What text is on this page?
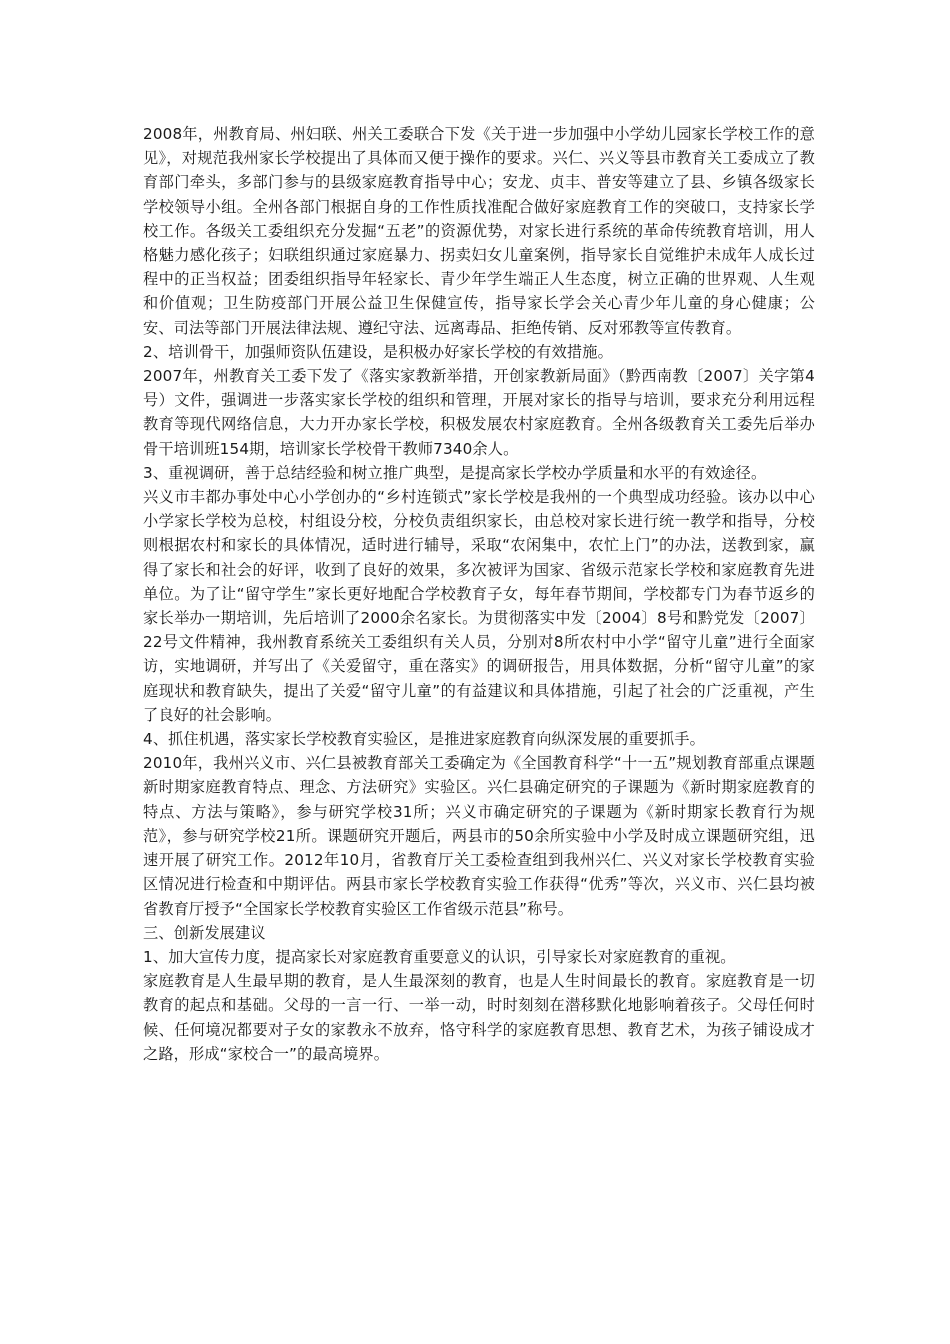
2008年，州教育局、州妇联、州关工委联合下发《关于进一步加强中小学幼儿园家长学校工作的意见》，对规范我州家长学校提出了具体而又便于操作的要求。兴仁、兴义等县市教育关工委成立了教育部门牵头，多部门参与的县级家庭教育指导中心；安龙、贞丰、普安等建立了县、乡镇各级家长学校领导小组。全州各部门根据自身的工作性质找准配合做好家庭教育工作的突破口，支持家长学校工作。各级关工委组织充分发掘“五老”的资源优势，对家长进行系统的革命传统教育培训，用人格魅力感化孩子；妇联组织通过家庭暴力、拐卖妇女儿童案例，指导家长自觉维护未成年人成长过程中的正当权益；团委组织指导年轻家长、青少年学生端正人生态度，树立正确的世界观、人生观和价值观；卫生防疫部门开展公益卫生保健宣传，指导家长学会关心青少年儿童的身心健康；公安、司法等部门开展法律法规、遵纪守法、远离毒品、拒绝传销、反对邪教等宣传教育。

2、培训骨干，加强师资队伍建设，是积极办好家长学校的有效措施。

2007年，州教育关工委下发了《落实家教新举措，开创家教新局面》（黔西南教〔2007〕关字第4号）文件，强调进一步落实家长学校的组织和管理，开展对家长的指导与培训，要求充分利用远程教育等现代网络信息，大力开办家长学校，积极发展农村家庭教育。全州各级教育关工委先后举办骨干培训班154期，培训家长学校骨干教师7340余人。

3、重视调研，善于总结经验和树立推广典型，是提高家长学校办学质量和水平的有效途径。

兴义市丰都办事处中心小学创办的“乡村连锁式”家长学校是我州的一个典型成功经验。该办以中心小学家长学校为总校，村组设分校，分校负责组织家长，由总校对家长进行统一教学和指导，分校则根据农村和家长的具体情况，适时进行辅导，采取“农闲集中，农忙上门”的办法，送教到家，赢得了家长和社会的好评，收到了良好的效果，多次被评为国家、省级示范家长学校和家庭教育先进单位。为了让“留守学生”家长更好地配合学校教育子女，每年春节期间，学校都专门为春节返乡的家长举办一期培训，先后培训了2000余名家长。为贯彻落实中发〔2004〕8号和黔党发〔2007〕22号文件精神，我州教育系统关工委组织有关人员，分别对8所农村中小学“留守儿童”进行全面家访，实地调研，并写出了《关爱留守，重在落实》的调研报告，用具体数据，分析“留守儿童”的家庭现状和教育缺失，提出了关爱“留守儿童”的有益建议和具体措施，引起了社会的广泛重视，产生了良好的社会影响。

4、抓住机遇，落实家长学校教育实验区，是推进家庭教育向纵深发展的重要抓手。

2010年，我州兴义市、兴仁县被教育部关工委确定为《全国教育科学“十一五”规划教育部重点课题新时期家庭教育特点、理念、方法研究》实验区。兴仁县确定研究的子课题为《新时期家庭教育的特点、方法与策略》，参与研究学校31所；兴义市确定研究的子课题为《新时期家长教育行为规范》，参与研究学校21所。课题研究开题后，两县市的50余所实验中小学及时成立课题研究组，迅速开展了研究工作。2012年10月，省教育厅关工委检查组到我州兴仁、兴义对家长学校教育实验区情况进行检查和中期评估。两县市家长学校教育实验工作获得“优秀”等次，兴义市、兴仁县均被省教育厅授予“全国家长学校教育实验区工作省级示范县”称号。

三、创新发展建议

1、加大宣传力度，提高家长对家庭教育重要意义的认识，引导家长对家庭教育的重视。

家庭教育是人生最早期的教育，是人生最深刻的教育，也是人生时间最长的教育。家庭教育是一切教育的起点和基础。父母的一言一行、一举一动，时时刻刻在潜移默化地影响着孩子。父母任何时候、任何境况都要对子女的家教永不放弃，恪守科学的家庭教育思想、教育艺术，为孩子铺设成才之路，形成“家校合一”的最高境界。
